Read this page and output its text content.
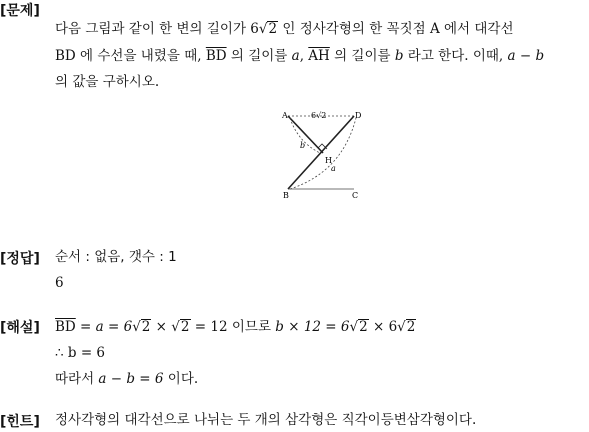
[문제]
다음 그림과 같이 한 변의 길이가 6√2 인 정사각형의 한 꼭짓점 A 에서 대각선
BD 에 수선을 내렸을 때, $\overline{BD}$ 의 길이를 a, $\overline{AH}$ 의 길이를 b 라고 한다. 이때, a − b
의 값을 구하시오.
A	D
B	C
H
6√2
b
a
[정답] 순서 : 없음, 갯수 : 1
6
[해설] $\overline{BD} = a = 6√2 \times √2 = 12$ 이므로 b × 12 = 6√2 × 6√2
∴ b = 6
따라서 a − b = 6 이다.
[힌트] 정사각형의 대각선으로 나뉘는 두 개의 삼각형은 직각이등변삼각형이다.
